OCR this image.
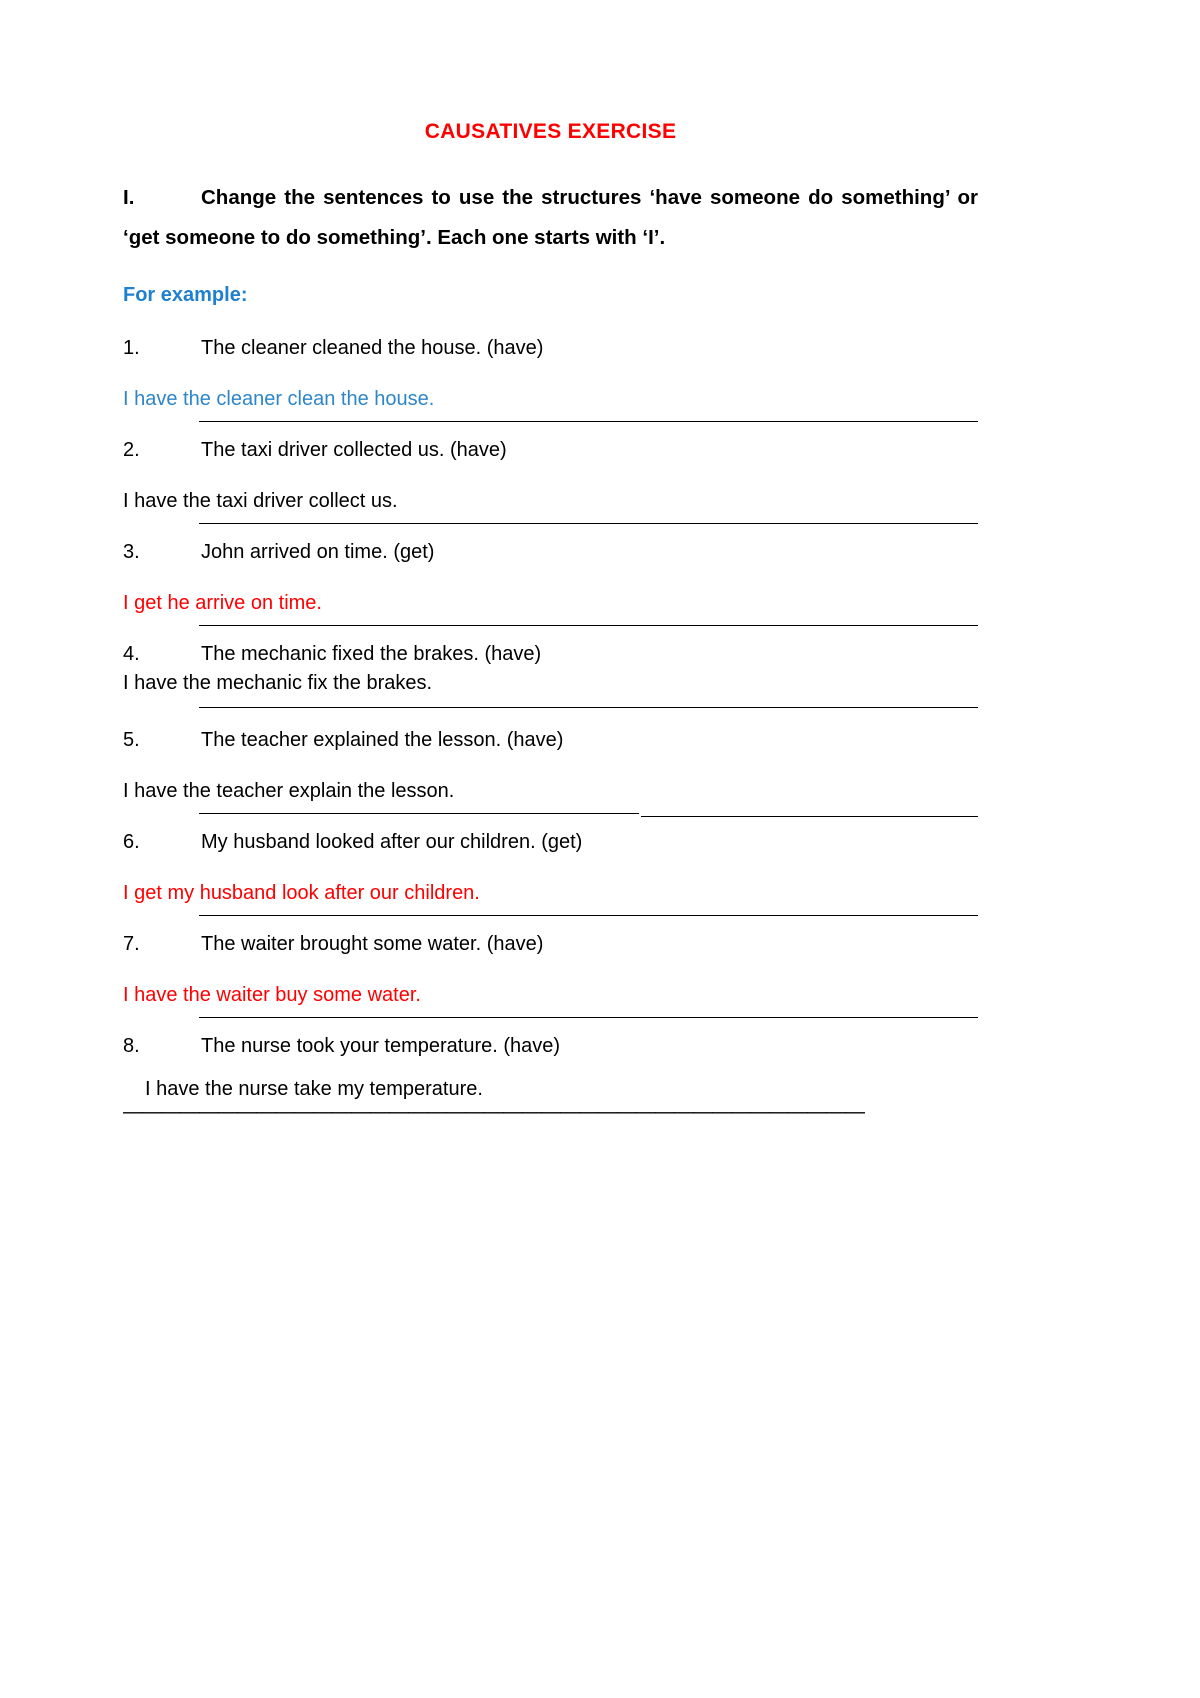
CAUSATIVES EXERCISE

I.	Change the sentences to use the structures ‘have someone do something’ or ‘get someone to do something’. Each one starts with ‘I’.

For example:

1.	The cleaner cleaned the house. (have)

I have the cleaner clean the house.

2.	The taxi driver collected us. (have)

I have the taxi driver collect us.

3.	John arrived on time. (get)

I get he arrive on time.

4.	The mechanic fixed the brakes. (have)

I have the mechanic fix the brakes.

5.	The teacher explained the lesson. (have)

I have the teacher explain the lesson.

6.	My husband looked after our children. (get)

I get my husband look after our children.

7.	The waiter brought some water. (have)

I have the waiter buy some water.

8.	The nurse took your temperature. (have)

I have the nurse take my temperature.
———————————————————————————————————————
